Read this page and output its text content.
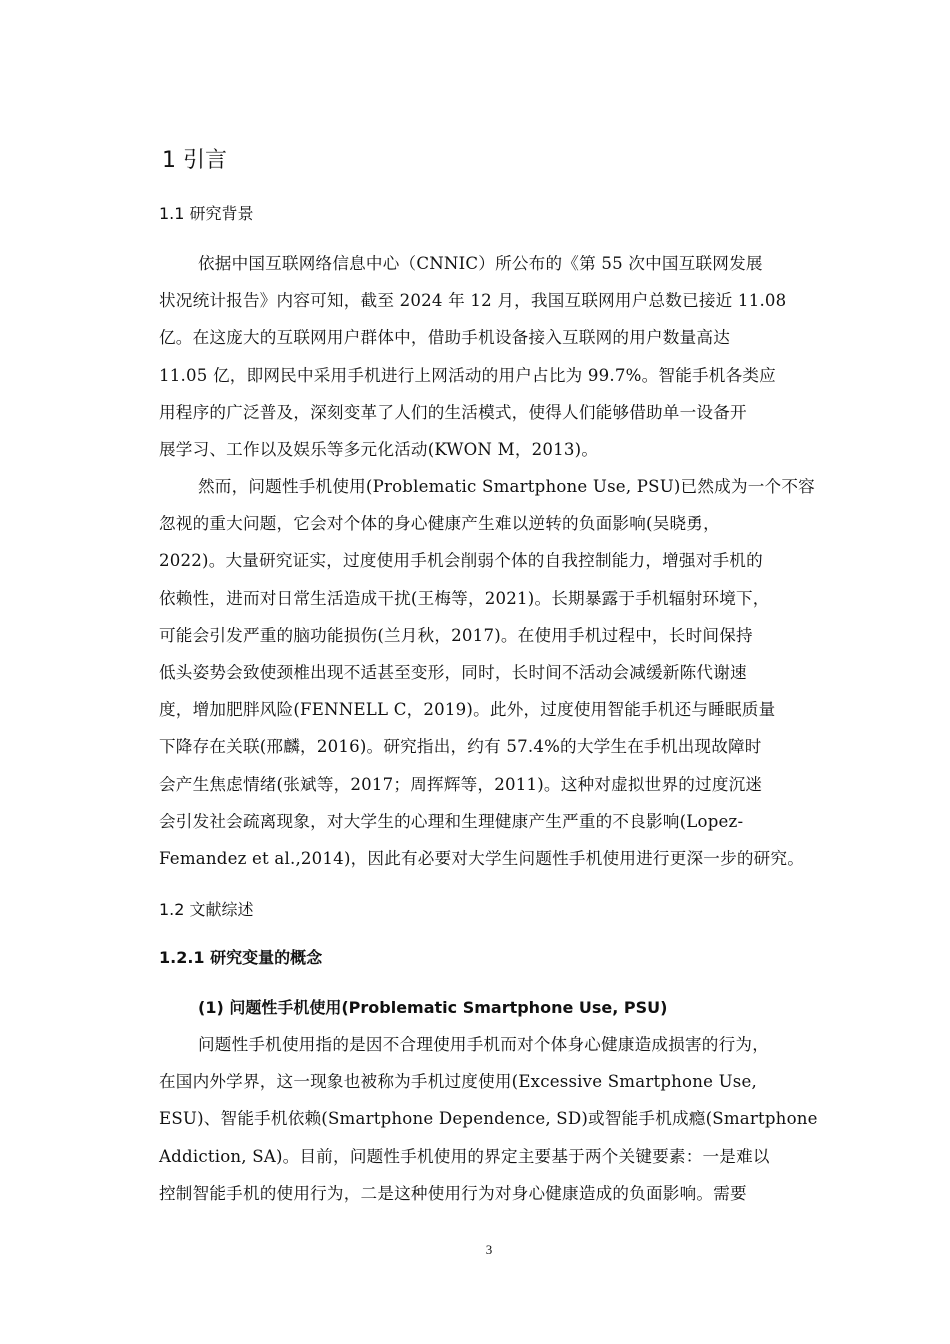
1 引言
1.1 研究背景
依据中国互联网络信息中心（CNNIC）所公布的《第 55 次中国互联网发展
状况统计报告》内容可知，截至 2024 年 12 月，我国互联网用户总数已接近 11.08
亿。在这庞大的互联网用户群体中，借助手机设备接入互联网的用户数量高达
11.05 亿，即网民中采用手机进行上网活动的用户占比为 99.7%。智能手机各类应
用程序的广泛普及，深刻变革了人们的生活模式，使得人们能够借助单一设备开
展学习、工作以及娱乐等多元化活动(KWON M，2013)。
然而，问题性手机使用(Problematic Smartphone Use, PSU)已然成为一个不容
忽视的重大问题，它会对个体的身心健康产生难以逆转的负面影响(吴晓勇，
2022)。大量研究证实，过度使用手机会削弱个体的自我控制能力，增强对手机的
依赖性，进而对日常生活造成干扰(王梅等，2021)。长期暴露于手机辐射环境下，
可能会引发严重的脑功能损伤(兰月秋，2017)。在使用手机过程中，长时间保持
低头姿势会致使颈椎出现不适甚至变形，同时，长时间不活动会减缓新陈代谢速
度，增加肥胖风险(FENNELL C，2019)。此外，过度使用智能手机还与睡眠质量
下降存在关联(邢麟，2016)。研究指出，约有 57.4%的大学生在手机出现故障时
会产生焦虑情绪(张斌等，2017；周挥辉等，2011)。这种对虚拟世界的过度沉迷
会引发社会疏离现象，对大学生的心理和生理健康产生严重的不良影响(Lopez-
Femandez et al.,2014)，因此有必要对大学生问题性手机使用进行更深一步的研究。
1.2 文献综述
1.2.1 研究变量的概念
(1) 问题性手机使用(Problematic Smartphone Use, PSU)
问题性手机使用指的是因不合理使用手机而对个体身心健康造成损害的行为，
在国内外学界，这一现象也被称为手机过度使用(Excessive Smartphone Use,
ESU)、智能手机依赖(Smartphone Dependence, SD)或智能手机成瘾(Smartphone
Addiction, SA)。目前，问题性手机使用的界定主要基于两个关键要素：一是难以
控制智能手机的使用行为，二是这种使用行为对身心健康造成的负面影响。需要
3
